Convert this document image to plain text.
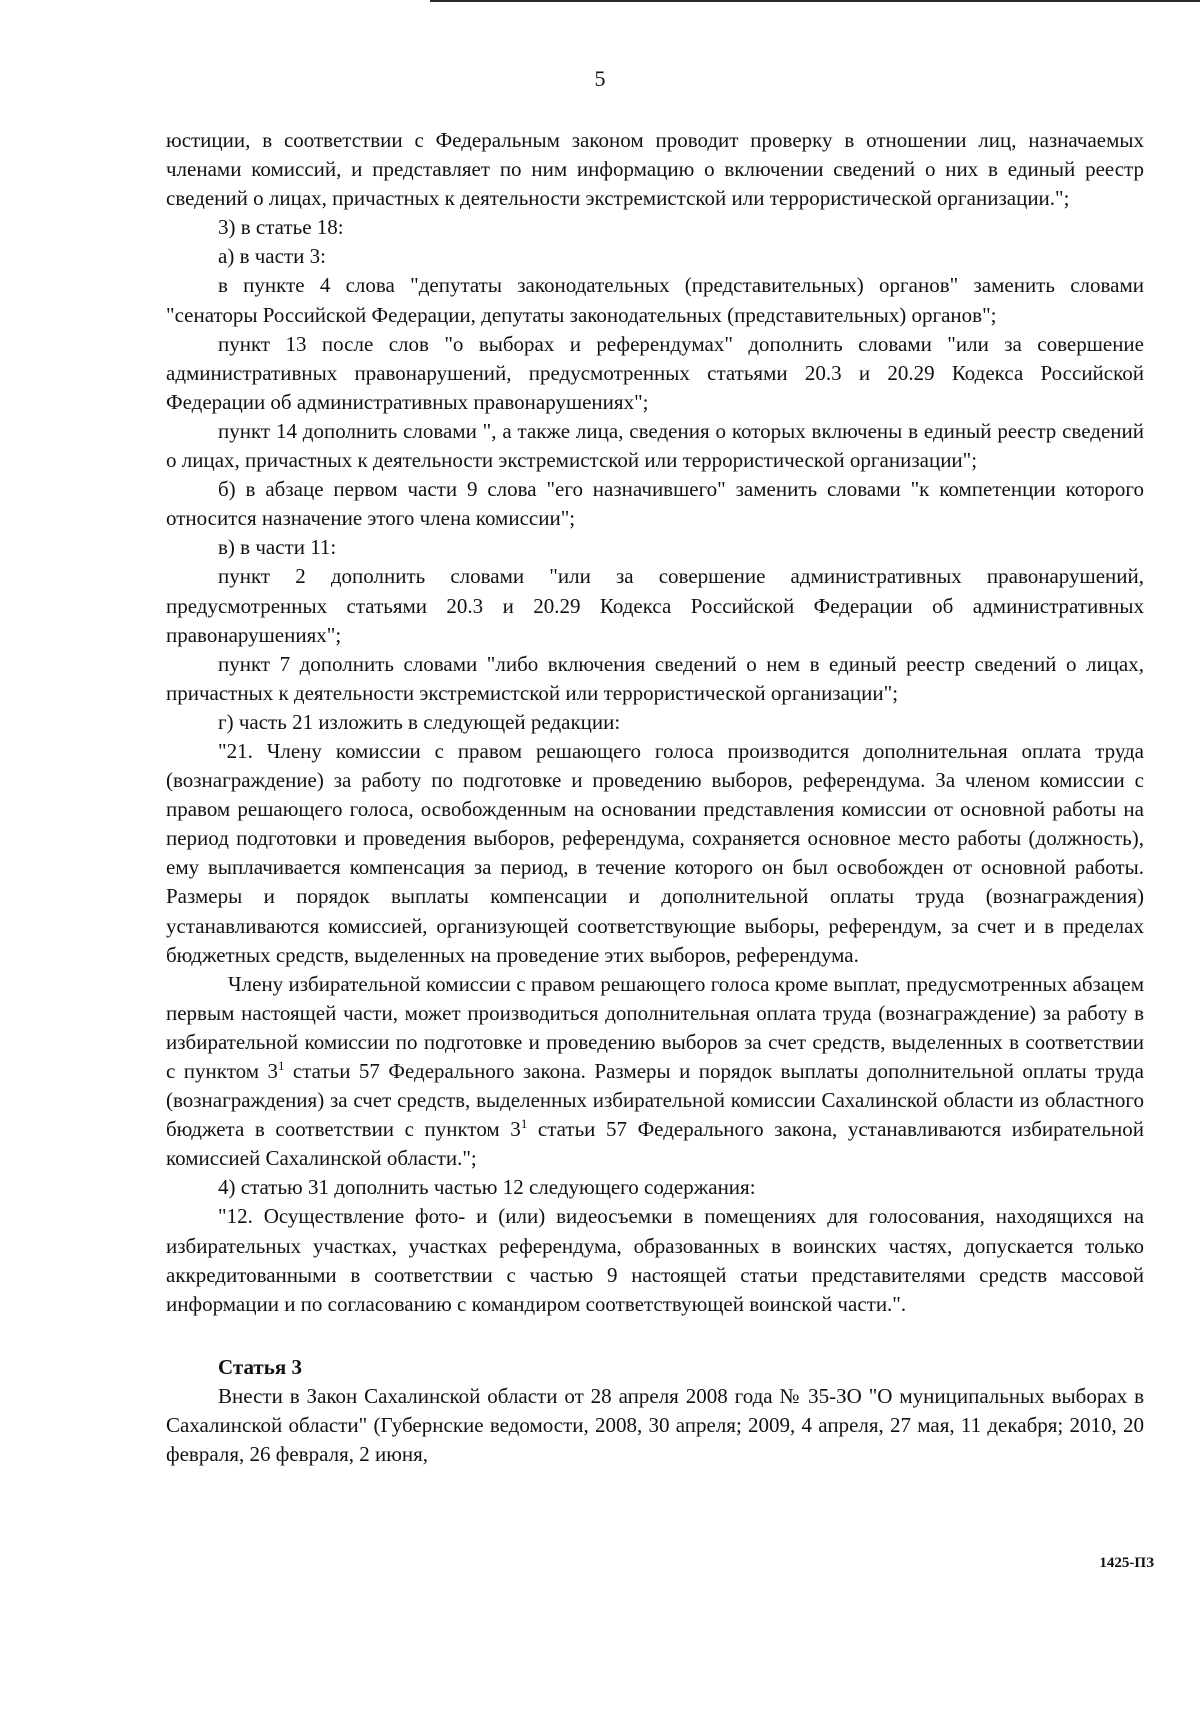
5

юстиции, в соответствии с Федеральным законом проводит проверку в отношении лиц, назначаемых членами комиссий, и представляет по ним информацию о включении сведений о них в единый реестр сведений о лицах, причастных к деятельности экстремистской или террористической организации.";

3) в статье 18:

а) в части 3:

в пункте 4 слова "депутаты законодательных (представительных) органов" заменить словами "сенаторы Российской Федерации, депутаты законодательных (представительных) органов";

пункт 13 после слов "о выборах и референдумах" дополнить словами "или за совершение административных правонарушений, предусмотренных статьями 20.3 и 20.29 Кодекса Российской Федерации об административных правонарушениях";

пункт 14 дополнить словами ", а также лица, сведения о которых включены в единый реестр сведений о лицах, причастных к деятельности экстремистской или террористической организации";

б) в абзаце первом части 9 слова "его назначившего" заменить словами "к компетенции которого относится назначение этого члена комиссии";

в) в части 11:

пункт 2 дополнить словами "или за совершение административных правонарушений, предусмотренных статьями 20.3 и 20.29 Кодекса Российской Федерации об административных правонарушениях";

пункт 7 дополнить словами "либо включения сведений о нем в единый реестр сведений о лицах, причастных к деятельности экстремистской или террористической организации";

г) часть 21 изложить в следующей редакции:

"21. Члену комиссии с правом решающего голоса производится дополнительная оплата труда (вознаграждение) за работу по подготовке и проведению выборов, референдума. За членом комиссии с правом решающего голоса, освобожденным на основании представления комиссии от основной работы на период подготовки и проведения выборов, референдума, сохраняется основное место работы (должность), ему выплачивается компенсация за период, в течение которого он был освобожден от основной работы. Размеры и порядок выплаты компенсации и дополнительной оплаты труда (вознаграждения) устанавливаются комиссией, организующей соответствующие выборы, референдум, за счет и в пределах бюджетных средств, выделенных на проведение этих выборов, референдума.

Члену избирательной комиссии с правом решающего голоса кроме выплат, предусмотренных абзацем первым настоящей части, может производиться дополнительная оплата труда (вознаграждение) за работу в избирательной комиссии по подготовке и проведению выборов за счет средств, выделенных в соответствии с пунктом $3^1$ статьи 57 Федерального закона. Размеры и порядок выплаты дополнительной оплаты труда (вознаграждения) за счет средств, выделенных избирательной комиссии Сахалинской области из областного бюджета в соответствии с пунктом $3^1$ статьи 57 Федерального закона, устанавливаются избирательной комиссией Сахалинской области.";

4) статью 31 дополнить частью 12 следующего содержания:

"12. Осуществление фото- и (или) видеосъемки в помещениях для голосования, находящихся на избирательных участках, участках референдума, образованных в воинских частях, допускается только аккредитованными в соответствии с частью 9 настоящей статьи представителями средств массовой информации и по согласованию с командиром соответствующей воинской части.".

Статья 3

Внести в Закон Сахалинской области от 28 апреля 2008 года № 35-ЗО "О муниципальных выборах в Сахалинской области" (Губернские ведомости, 2008, 30 апреля; 2009, 4 апреля, 27 мая, 11 декабря; 2010, 20 февраля, 26 февраля, 2 июня,

1425-ПЗ
